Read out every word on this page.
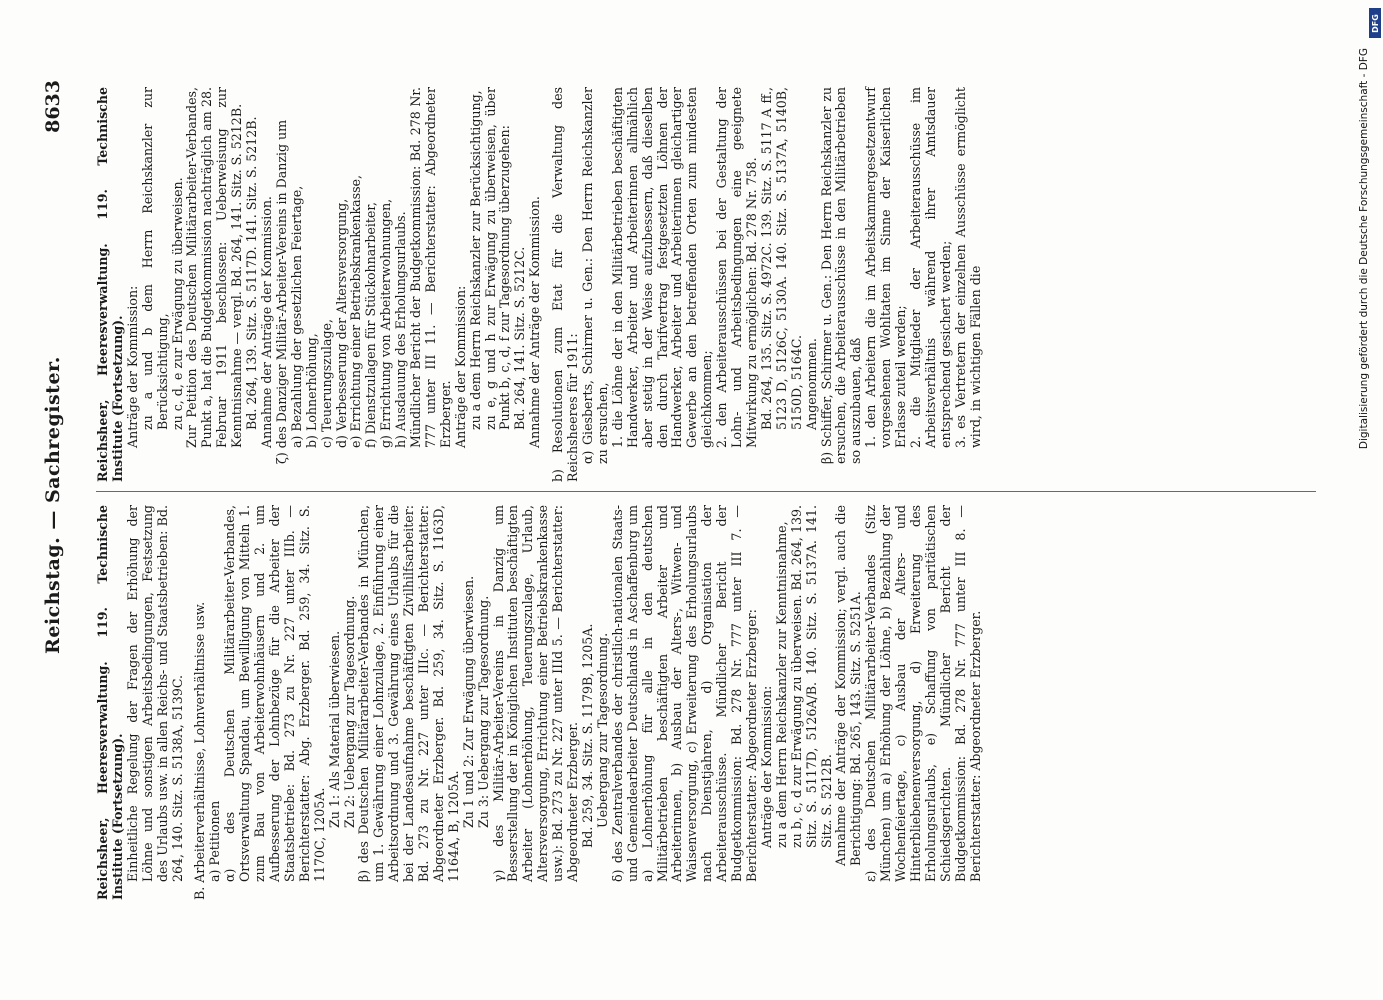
Reichstag. — Sachregister.
8633

Reichsheer, Heeresverwaltung. 119. Technische Institute (Fortsetzung). Einheitliche Regelung der Fragen der Erhöhung der Löhne und sonstigen Arbeitsbedingungen, Festsetzung des Urlaubs usw. in allen Reichs- und Staatsbetrieben: Bd. 264, 140. Sitz. S. 5138A, 5139C. B. Arbeiterverhältnisse, Lohnverhältnisse usw. a) Petitionen α) des Deutschen Militärarbeiter-Verbandes, Ortsverwaltung Spandau, um Bewilligung von Mitteln 1. zum Bau von Arbeiterwohnhäusern und 2. um Aufbesserung der Lohnbezüge für die Arbeiter der Staatsbetriebe: Bd. 273 zu Nr. 227 unter IIIb. — Berichterstatter: Abg. Erzberger. Bd. 259, 34. Sitz. S. 1170C, 1205A.

Zu 1: Als Material überwiesen. Zu 2: Uebergang zur Tagesordnung. β) des Deutschen Militärarbeiter-Verbandes in München, um 1. Gewährung einer Lohnzulage, 2. Einführung einer Arbeitsordnung und 3. Gewährung eines Urlaubs für die bei der Landesaufnahme beschäftigten Zivilhilfsarbeiter: Bd. 273 zu Nr. 227 unter IIIc. — Berichterstatter: Abgeordneter Erzberger. Bd. 259, 34. Sitz. S. 1163D, 1164A, B, 1205A. Zu 1 und 2: Zur Erwägung überwiesen. Zu 3: Uebergang zur Tagesordnung. γ) des Militär-Arbeiter-Vereins in Danzig um Besserstellung der in Königlichen Instituten beschäftigten Arbeiter (Lohnerhöhung, Teuerungszulage, Urlaub, Altersversorgung, Errichtung einer Betriebskrankenkasse usw.): Bd. 273 zu Nr. 227 unter IIId 5. — Berichterstatter: Abgeordneter Erzberger. Bd. 259, 34. Sitz. S. 1179B, 1205A. Uebergang zur Tagesordnung. δ) des Zentralverbandes der christlich-nationalen Staats- und Gemeindearbeiter Deutschlands in Aschaffenburg um a) Lohnerhöhung für alle in den deutschen Militärbetrieben beschäftigten Arbeiter und Arbeiterinnen, b) Ausbau der Alters-, Witwen- und Waisenversorgung, c) Erweiterung des Erholungsurlaubs nach Dienstjahren, d) Organisation der Arbeiterausschüsse. Mündlicher Bericht der Budgetkommission: Bd. 278 Nr. 777 unter III 7. — Berichterstatter: Abgeordneter Erzberger: Anträge der Kommission: zu a dem Herrn Reichskanzler zur Kenntnisnahme, zu b, c, d zur Erwägung zu überweisen. Bd. 264, 139. Sitz. S. 5117D, 5126A/B. 140. Sitz. S. 5137A. 141. Sitz. S. 5212B. Annahme der Anträge der Kommission; vergl. auch die Berichtigung: Bd. 265, 143. Sitz. S. 5251A. ε) des Deutschen Militärarbeiter-Verbandes (Sitz München) um a) Erhöhung der Löhne, b) Bezahlung der Wochenfeiertage, c) Ausbau der Alters- und Hinterbliebenenversorgung, d) Erweiterung des Erholungsurlaubs, e) Schaffung von paritätischen Schiedsgerichten. Mündlicher Bericht der Budgetkommission: Bd. 278 Nr. 777 unter III 8. — Berichterstatter: Abgeordneter Erzberger.

Reichsheer, Heeresverwaltung. 119. Technische Institute (Fortsetzung). Anträge der Kommission: zu a und b dem Herrn Reichskanzler zur Berücksichtigung, zu c, d, e zur Erwägung zu überweisen. Zur Petition des Deutschen Militärarbeiter-Verbandes, Punkt a, hat die Budgetkommission nachträglich am 28. Februar 1911 beschlossen: Ueberweisung zur Kenntnisnahme — vergl. Bd. 264, 141. Sitz. S. 5212B. Bd. 264, 139. Sitz. S. 5117D. 141. Sitz. S. 5212B. Annahme der Anträge der Kommission. ζ) des Danziger Militär-Arbeiter-Vereins in Danzig um a) Bezahlung der gesetzlichen Feiertage, b) Lohnerhöhung, c) Teuerungszulage, d) Verbesserung der Altersversorgung, e) Errichtung einer Betriebskrankenkasse, f) Dienstzulagen für Stückohnarbeiter, g) Errichtung von Arbeiterwohnungen, h) Ausdauung des Erholungsurlaubs. Mündlicher Bericht der Budgetkommission: Bd. 278 Nr. 777 unter III 11. — Berichterstatter: Abgeordneter Erzberger. Anträge der Kommission: zu a dem Herrn Reichskanzler zur Berücksichtigung, zu e, g und h zur Erwägung zu überweisen, über Punkt b, c, d, f zur Tagesordnung überzugehen: Bd. 264, 141. Sitz. S. 5212C. Annahme der Anträge der Kommission. b) Resolutionen zum Etat für die Verwaltung des Reichsheeres für 1911: α) Giesberts, Schirmer u. Gen.: Den Herrn Reichskanzler zu ersuchen, 1. die Löhne der in den Militärbetrieben beschäftigten Handwerker, Arbeiter und Arbeiterinnen allmählich aber stetig in der Weise aufzubessern, daß dieselben den durch Tarifvertrag festgesetzten Löhnen der Handwerker, Arbeiter und Arbeiterinnen gleichartiger Gewerbe an den betreffenden Orten zum mindesten gleichkommen; 2. den Arbeiterausschüssen bei der Gestaltung der Lohn- und Arbeitsbedingungen eine geeignete Mitwirkung zu ermöglichen: Bd. 278 Nr. 758. Bd. 264, 135. Sitz. S. 4972C. 139. Sitz. S. 5117 A ff., 5123 D, 5126C, 5130A. 140. Sitz. S. 5137A, 5140B, 5150D, 5164C. Angenommen. β) Schiffer, Schirmer u. Gen.: Den Herrn Reichskanzler zu ersuchen, die Arbeiterausschüsse in den Militärbetrieben so auszubauen, daß 1. den Arbeitern die im Arbeitskammergesetzentwurf vorgesehenen Wohltaten im Sinne der Kaiserlichen Erlasse zuteil werden; 2. die Mitglieder der Arbeiterausschüsse im Arbeitsverhältnis während ihrer Amtsdauer entsprechend gesichert werden; 3. es Vertretern der einzelnen Ausschüsse ermöglicht wird, in wichtigen Fällen die	Digitalisierung gefördert durch die Deutsche Forschungsgemeinschaft - DFG
DFG
